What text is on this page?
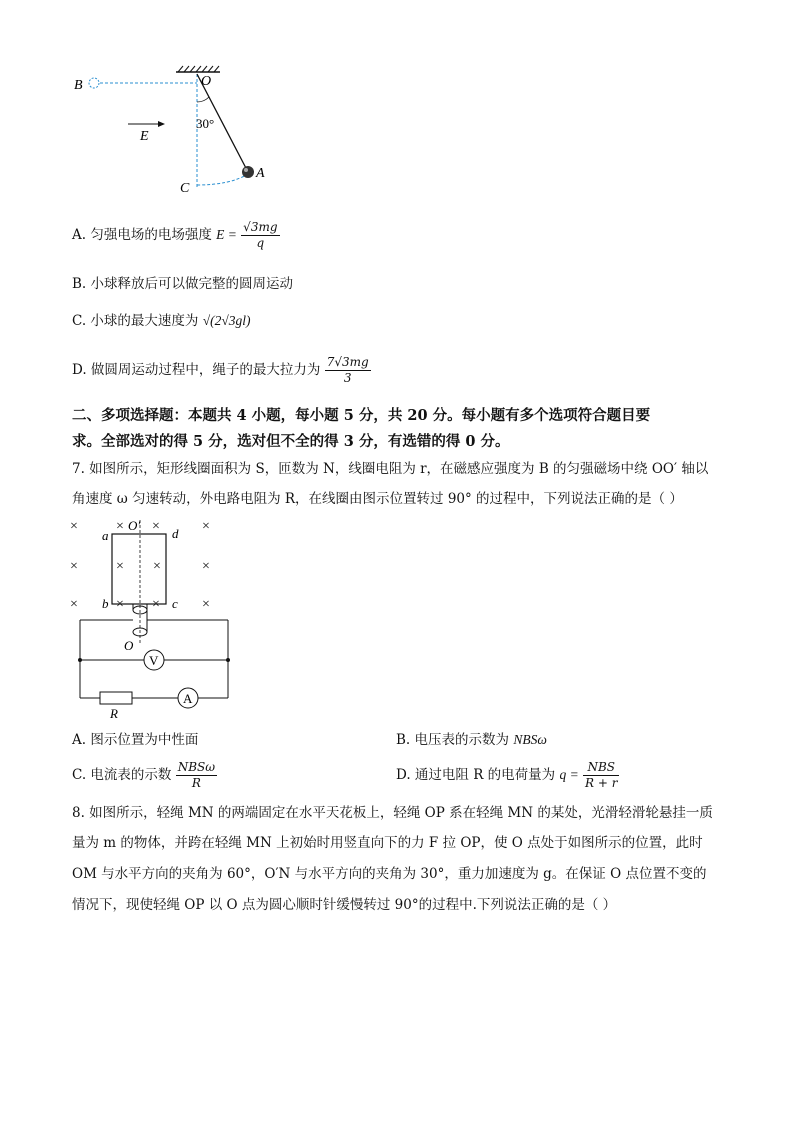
B	O
E
30°
C
A
A. 匀强电场的电场强度 $E = \frac{√3mg}{q}$
B. 小球释放后可以做完整的圆周运动
C. 小球的最大速度为 √(2√3gl)
D. 做圆周运动过程中，绳子的最大拉力为 $\frac{7√3mg}{3}$
二、多项选择题：本题共 4 小题，每小题 5 分，共 20 分。每小题有多个选项符合题目要
求。全部选对的得 5 分，选对但不全的得 3 分，有选错的得 0 分。
7. 如图所示，矩形线圈面积为 S，匝数为 N，线圈电阻为 r，在磁感应强度为 B 的匀强磁场中绕 OO′ 轴以
角速度 ω 匀速转动，外电路电阻为 R，在线圈由图示位置转过 90° 的过程中，下列说法正确的是（ ）
×
×
×
×
×
×
×
×
×
×
×
×
V
A
a	d
b	c
O′
O
R
A. 图示位置为中性面	B. 电压表的示数为 NBSω
C. 电流表的示数 $\frac{\text{NBSω}}{R}$	D. 通过电阻 R 的电荷量为 $q = \frac{\text{NBS}}{R + r}$
8. 如图所示，轻绳 MN 的两端固定在水平天花板上，轻绳 OP 系在轻绳 MN 的某处，光滑轻滑轮悬挂一质
量为 m 的物体，并跨在轻绳 MN 上初始时用竖直向下的力 F 拉 OP，使 O 点处于如图所示的位置，此时
OM 与水平方向的夹角为 60°，O′N 与水平方向的夹角为 30°，重力加速度为 g。在保证 O 点位置不变的
情况下，现使轻绳 OP 以 O 点为圆心顺时针缓慢转过 90°的过程中.下列说法正确的是（ ）
